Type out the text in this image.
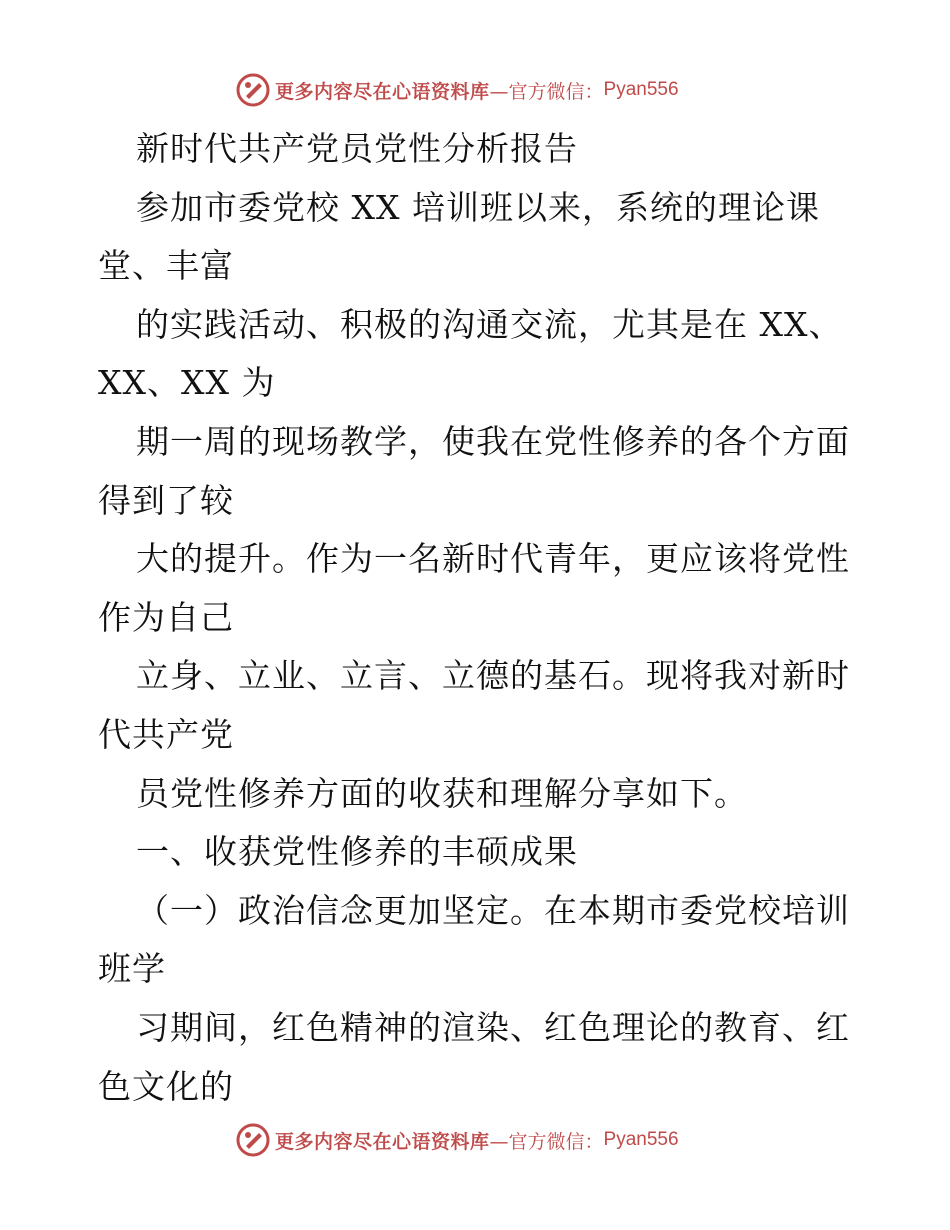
更多内容尽在心语资料库 —官方微信： Pyan556
新时代共产党员党性分析报告
参加市委党校 XX 培训班以来，系统的理论课
堂、丰富
的实践活动、积极的沟通交流，尤其是在 XX、
XX、XX 为
期一周的现场教学，使我在党性修养的各个方面
得到了较
大的提升。作为一名新时代青年，更应该将党性
作为自己
立身、立业、立言、立德的基石。现将我对新时
代共产党
员党性修养方面的收获和理解分享如下。
一、收获党性修养的丰硕成果
（一）政治信念更加坚定。在本期市委党校培训
班学
习期间，红色精神的渲染、红色理论的教育、红
色文化的
更多内容尽在心语资料库 —官方微信： Pyan556
